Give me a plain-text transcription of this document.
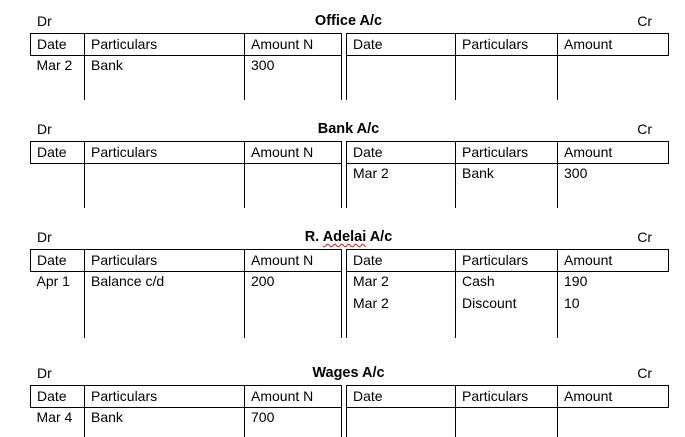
Dr	Office A/c	Cr
Date	Particulars	Amount N
Mar 2	Bank	300

Date	Particulars	Amount

Dr	Bank A/c	Cr
Date	Particulars	Amount N

			Date	Particulars	Amount
Mar 2	Bank	300

Dr	R. Adelai A/c	Cr
Date	Particulars	Amount N
Apr 1	Balance c/d	200

Date	Particulars	Amount
Mar 2	Cash	190
Mar 2	Discount	10

Dr	Wages A/c	Cr
Date	Particulars	Amount N
Mar 4	Bank	700

Date	Particulars	Amount
